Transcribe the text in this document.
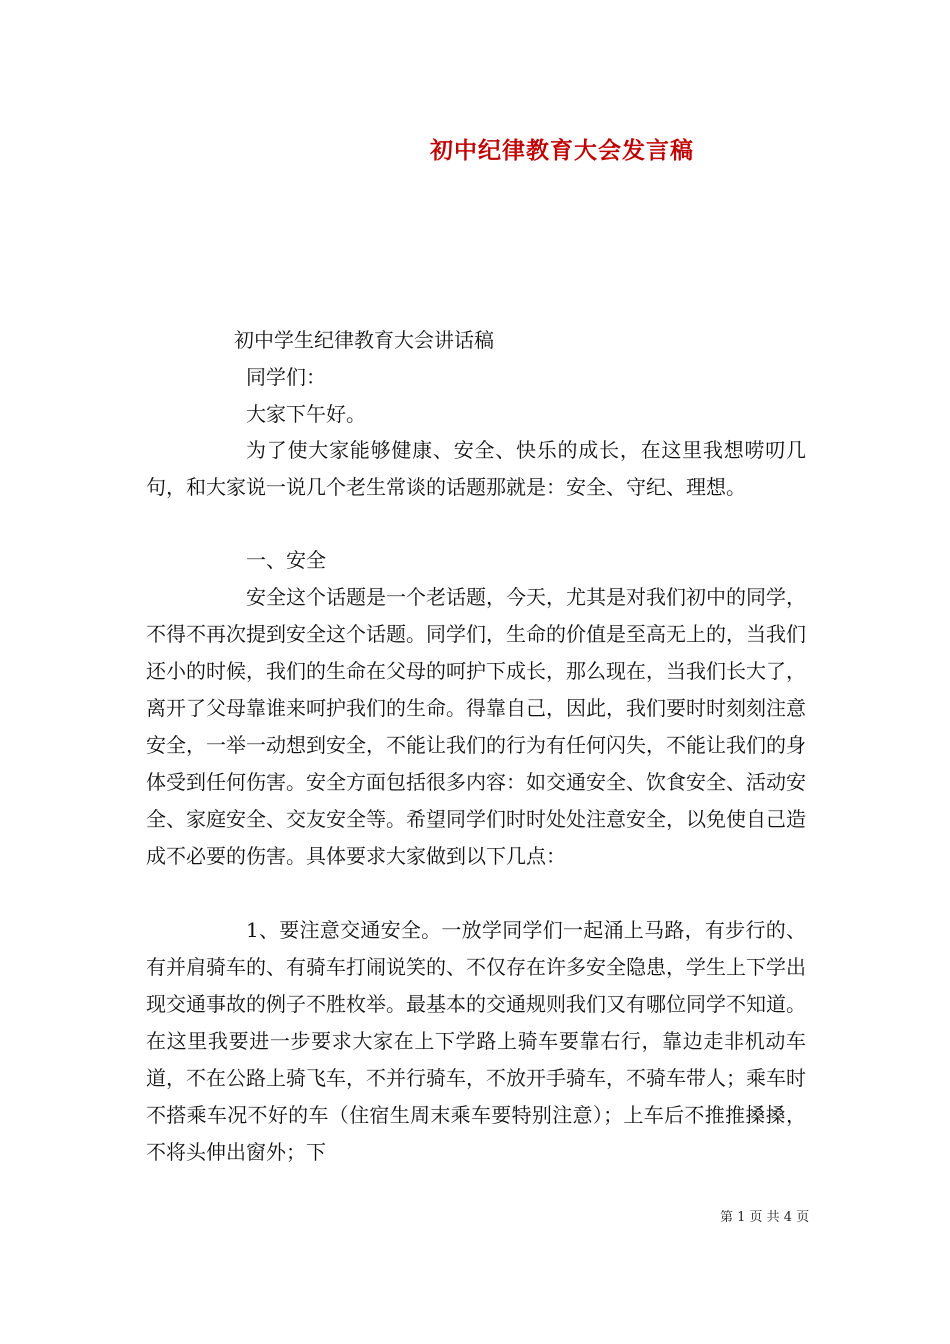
初中纪律教育大会发言稿

初中学生纪律教育大会讲话稿

同学们：

大家下午好。

为了使大家能够健康、安全、快乐的成长，在这里我想唠叨几句，和大家说一说几个老生常谈的话题那就是：安全、守纪、理想。

一、安全

安全这个话题是一个老话题，今天，尤其是对我们初中的同学，不得不再次提到安全这个话题。同学们，生命的价值是至高无上的，当我们还小的时候，我们的生命在父母的呵护下成长，那么现在，当我们长大了，离开了父母靠谁来呵护我们的生命。得靠自己，因此，我们要时时刻刻注意安全，一举一动想到安全，不能让我们的行为有任何闪失，不能让我们的身体受到任何伤害。安全方面包括很多内容：如交通安全、饮食安全、活动安全、家庭安全、交友安全等。希望同学们时时处处注意安全，以免使自己造成不必要的伤害。具体要求大家做到以下几点：

1、要注意交通安全。一放学同学们一起涌上马路，有步行的、有并肩骑车的、有骑车打闹说笑的、不仅存在许多安全隐患，学生上下学出现交通事故的例子不胜枚举。最基本的交通规则我们又有哪位同学不知道。在这里我要进一步要求大家在上下学路上骑车要靠右行，靠边走非机动车道，不在公路上骑飞车，不并行骑车，不放开手骑车，不骑车带人；乘车时不搭乘车况不好的车（住宿生周末乘车要特别注意）；上车后不推推搡搡，不将头伸出窗外；下

第 1 页 共 4 页
